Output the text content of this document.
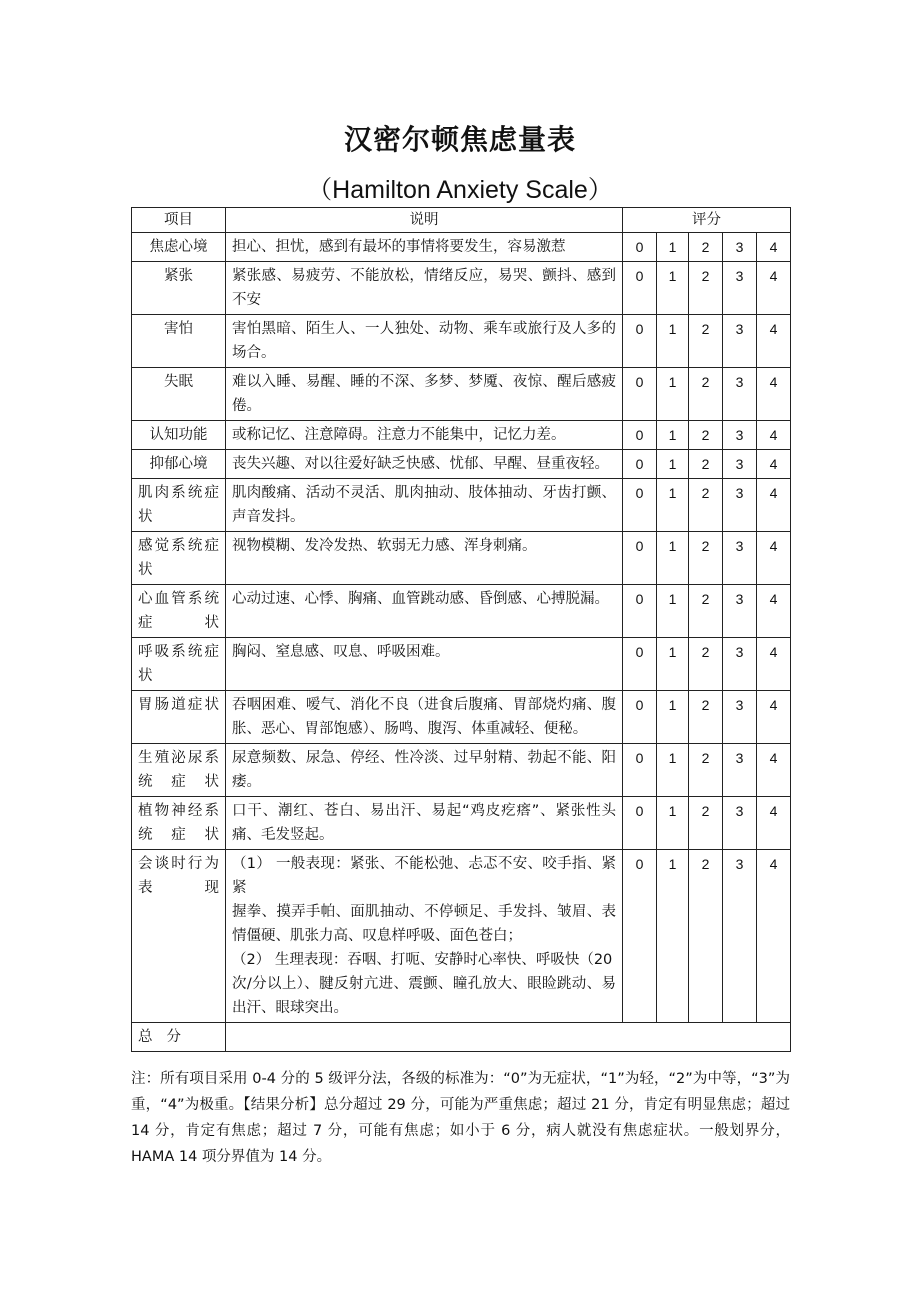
汉密尔顿焦虑量表
（Hamilton Anxiety Scale）
项目	说明	评分				
焦虑心境	担心、担忧，感到有最坏的事情将要发生，容易激惹	0	1	2	3	4
紧张	紧张感、易疲劳、不能放松，情绪反应，易哭、颤抖、感到不安	0	1	2	3	4
害怕	害怕黑暗、陌生人、一人独处、动物、乘车或旅行及人多的场合。	0	1	2	3	4
失眠	难以入睡、易醒、睡的不深、多梦、梦魇、夜惊、醒后感疲倦。	0	1	2	3	4
认知功能	或称记忆、注意障碍。注意力不能集中，记忆力差。	0	1	2	3	4
抑郁心境	丧失兴趣、对以往爱好缺乏快感、忧郁、早醒、昼重夜轻。	0	1	2	3	4
肌肉系统症状	肌肉酸痛、活动不灵活、肌肉抽动、肢体抽动、牙齿打颤、声音发抖。	0	1	2	3	4
感觉系统症状	视物模糊、发冷发热、软弱无力感、浑身刺痛。	0	1	2	3	4
心血管系统症状	心动过速、心悸、胸痛、血管跳动感、昏倒感、心搏脱漏。	0	1	2	3	4
呼吸系统症状	胸闷、窒息感、叹息、呼吸困难。	0	1	2	3	4
胃肠道症状	吞咽困难、嗳气、消化不良（进食后腹痛、胃部烧灼痛、腹胀、恶心、胃部饱感）、肠鸣、腹泻、体重减轻、便秘。	0	1	2	3	4
生殖泌尿系统症状	尿意频数、尿急、停经、性冷淡、过早射精、勃起不能、阳痿。	0	1	2	3	4
植物神经系统症状	口干、潮红、苍白、易出汗、易起“鸡皮疙瘩”、紧张性头痛、毛发竖起。	0	1	2	3	4
会谈时行为表现	（1） 一般表现：紧张、不能松弛、忐忑不安、咬手指、紧紧
握拳、摸弄手帕、面肌抽动、不停顿足、手发抖、皱眉、表情僵硬、肌张力高、叹息样呼吸、面色苍白；
（2） 生理表现：吞咽、打呃、安静时心率快、呼吸快（20
次/分以上）、腱反射亢进、震颤、瞳孔放大、眼睑跳动、易出汗、眼球突出。	0	1	2	3	4
总分						
注：所有项目采用 0-4 分的 5 级评分法，各级的标准为：“0”为无症状，“1”为轻，“2”为中等，“3”为重，“4”为极重。【结果分析】总分超过 29 分，可能为严重焦虑；超过 21 分，肯定有明显焦虑；超过 14 分，肯定有焦虑；超过 7 分，可能有焦虑；如小于 6 分，病人就没有焦虑症状。一般划界分，HAMA 14 项分界值为 14 分。
